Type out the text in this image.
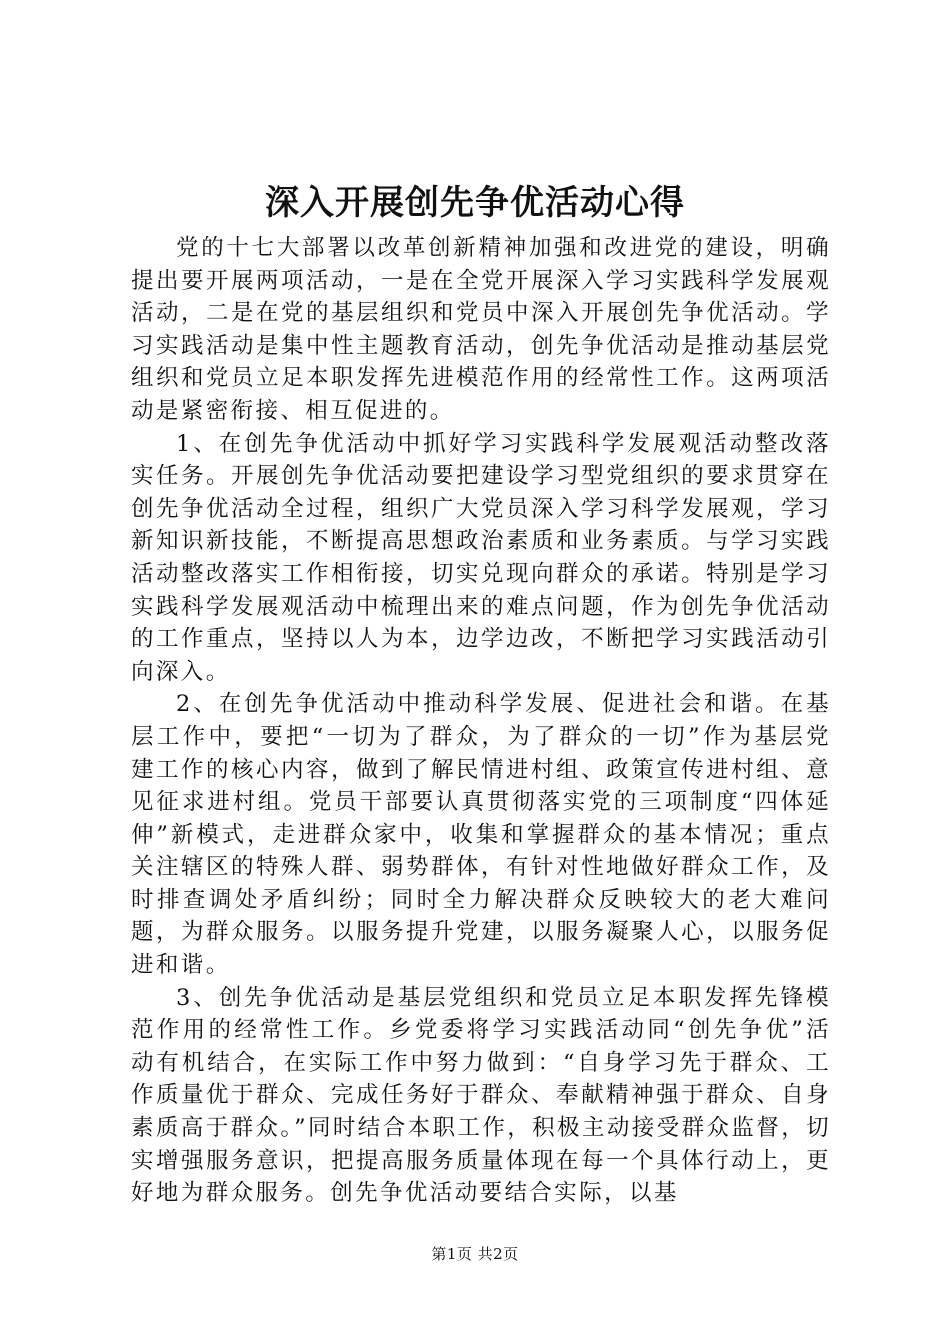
深入开展创先争优活动心得

党的十七大部署以改革创新精神加强和改进党的建设，明确提出要开展两项活动，一是在全党开展深入学习实践科学发展观活动，二是在党的基层组织和党员中深入开展创先争优活动。学习实践活动是集中性主题教育活动，创先争优活动是推动基层党组织和党员立足本职发挥先进模范作用的经常性工作。这两项活动是紧密衔接、相互促进的。

1、在创先争优活动中抓好学习实践科学发展观活动整改落实任务。开展创先争优活动要把建设学习型党组织的要求贯穿在创先争优活动全过程，组织广大党员深入学习科学发展观，学习新知识新技能，不断提高思想政治素质和业务素质。与学习实践活动整改落实工作相衔接，切实兑现向群众的承诺。特别是学习实践科学发展观活动中梳理出来的难点问题，作为创先争优活动的工作重点，坚持以人为本，边学边改，不断把学习实践活动引向深入。

2、在创先争优活动中推动科学发展、促进社会和谐。在基层工作中，要把“一切为了群众，为了群众的一切”作为基层党建工作的核心内容，做到了解民情进村组、政策宣传进村组、意见征求进村组。党员干部要认真贯彻落实党的三项制度“四体延伸”新模式，走进群众家中，收集和掌握群众的基本情况；重点关注辖区的特殊人群、弱势群体，有针对性地做好群众工作，及时排查调处矛盾纠纷；同时全力解决群众反映较大的老大难问题，为群众服务。以服务提升党建，以服务凝聚人心，以服务促进和谐。

3、创先争优活动是基层党组织和党员立足本职发挥先锋模范作用的经常性工作。乡党委将学习实践活动同“创先争优”活动有机结合，在实际工作中努力做到：“自身学习先于群众、工作质量优于群众、完成任务好于群众、奉献精神强于群众、自身素质高于群众。”同时结合本职工作，积极主动接受群众监督，切实增强服务意识，把提高服务质量体现在每一个具体行动上，更好地为群众服务。创先争优活动要结合实际，以基

第1页 共2页
